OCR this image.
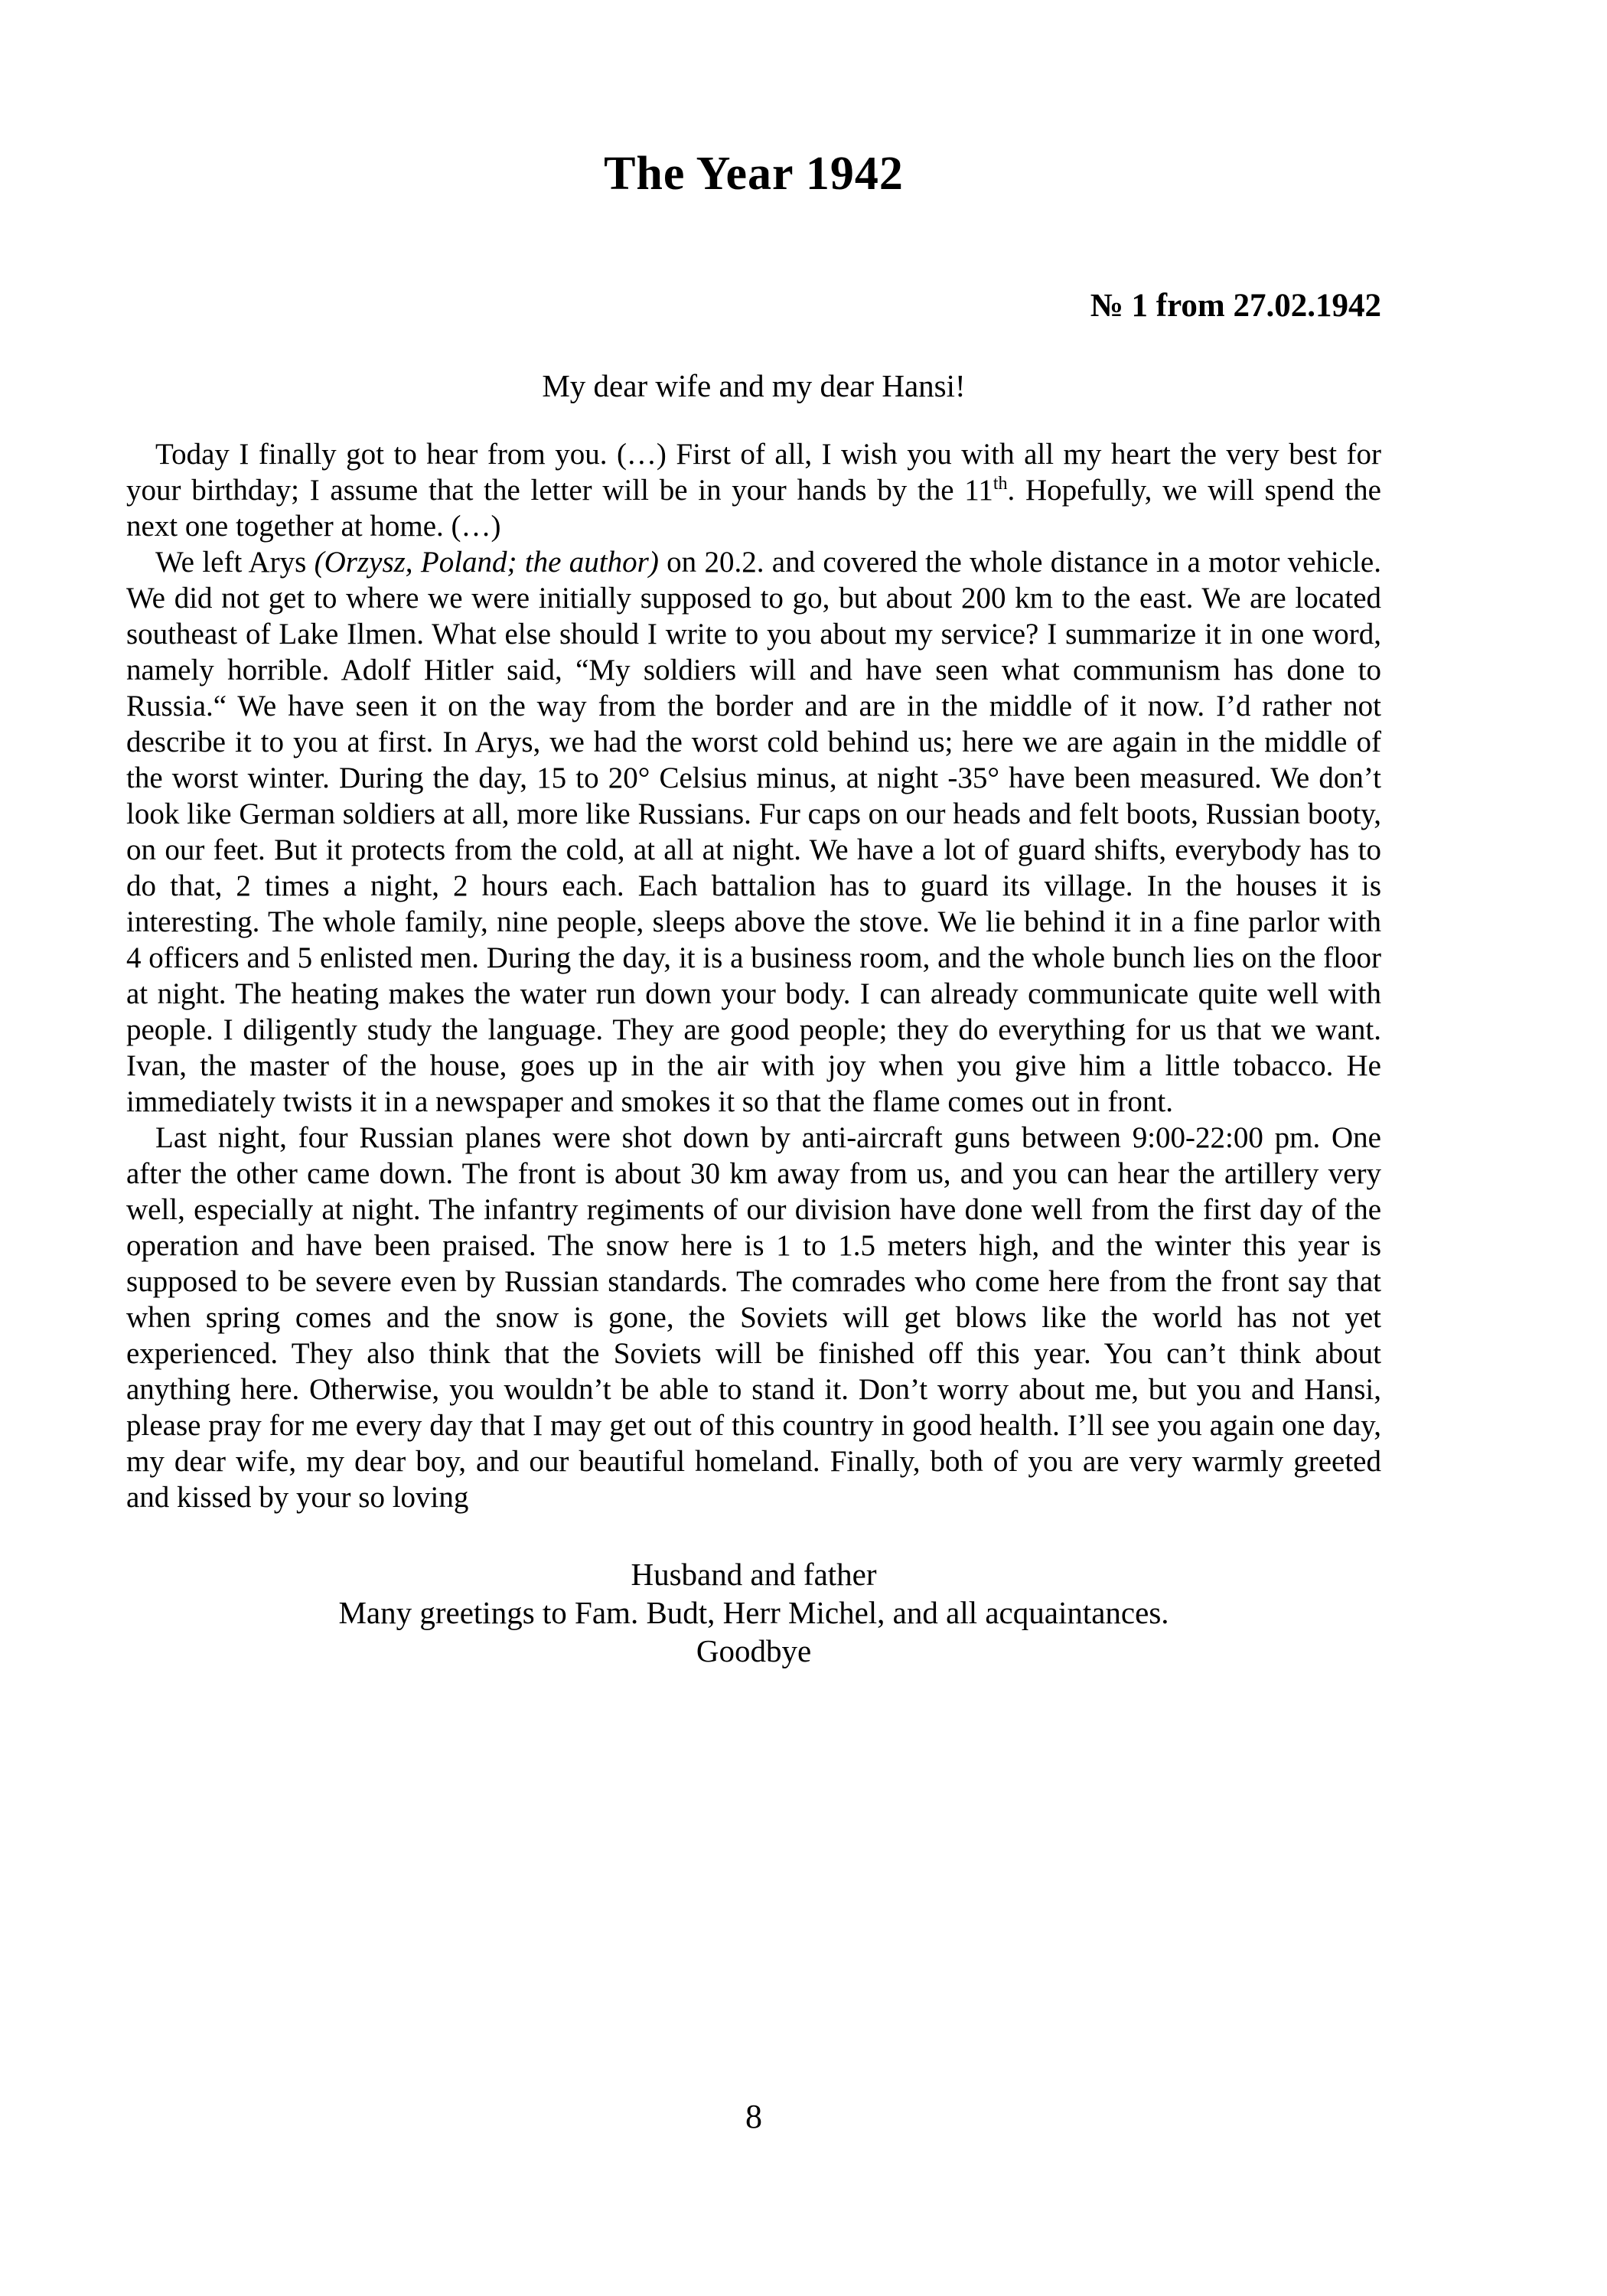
The Year 1942
№ 1 from 27.02.1942
My dear wife and my dear Hansi!

Today I finally got to hear from you. (…) First of all, I wish you with all my heart the very best for your birthday; I assume that the letter will be in your hands by the 11th. Hopefully, we will spend the next one together at home. (…)

We left Arys (Orzysz, Poland; the author) on 20.2. and covered the whole distance in a motor vehicle. We did not get to where we were initially supposed to go, but about 200 km to the east. We are located southeast of Lake Ilmen. What else should I write to you about my service? I summarize it in one word, namely horrible. Adolf Hitler said, “My soldiers will and have seen what communism has done to Russia.“ We have seen it on the way from the border and are in the middle of it now. I’d rather not describe it to you at first. In Arys, we had the worst cold behind us; here we are again in the middle of the worst winter. During the day, 15 to 20° Celsius minus, at night -35° have been measured. We don’t look like German soldiers at all, more like Russians. Fur caps on our heads and felt boots, Russian booty, on our feet. But it protects from the cold, at all at night. We have a lot of guard shifts, everybody has to do that, 2 times a night, 2 hours each. Each battalion has to guard its village. In the houses it is interesting. The whole family, nine people, sleeps above the stove. We lie behind it in a fine parlor with 4 officers and 5 enlisted men. During the day, it is a business room, and the whole bunch lies on the floor at night. The heating makes the water run down your body. I can already communicate quite well with people. I diligently study the language. They are good people; they do everything for us that we want. Ivan, the master of the house, goes up in the air with joy when you give him a little tobacco. He immediately twists it in a newspaper and smokes it so that the flame comes out in front.

Last night, four Russian planes were shot down by anti-aircraft guns between 9:00-22:00 pm. One after the other came down. The front is about 30 km away from us, and you can hear the artillery very well, especially at night. The infantry regiments of our division have done well from the first day of the operation and have been praised. The snow here is 1 to 1.5 meters high, and the winter this year is supposed to be severe even by Russian standards. The comrades who come here from the front say that when spring comes and the snow is gone, the Soviets will get blows like the world has not yet experienced. They also think that the Soviets will be finished off this year. You can’t think about anything here. Otherwise, you wouldn’t be able to stand it. Don’t worry about me, but you and Hansi, please pray for me every day that I may get out of this country in good health. I’ll see you again one day, my dear wife, my dear boy, and our beautiful homeland. Finally, both of you are very warmly greeted and kissed by your so loving

Husband and father
Many greetings to Fam. Budt, Herr Michel, and all acquaintances.
Goodbye
8
